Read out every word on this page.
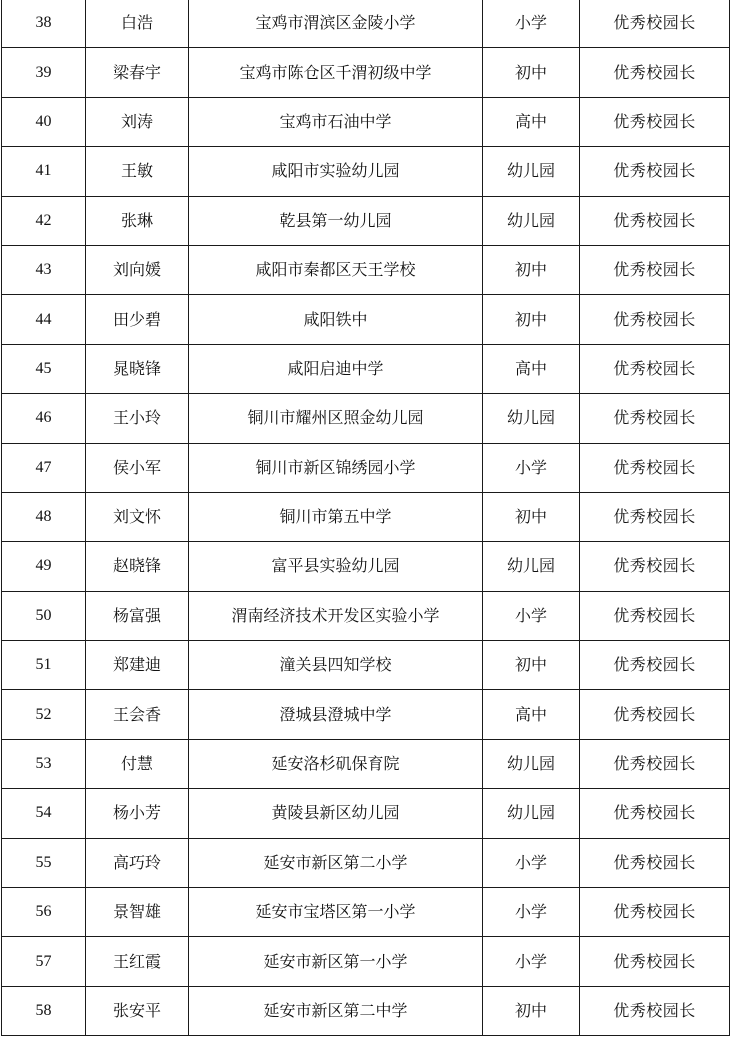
38	白浩	宝鸡市渭滨区金陵小学	小学	优秀校园长
39	梁春宇	宝鸡市陈仓区千渭初级中学	初中	优秀校园长
40	刘涛	宝鸡市石油中学	高中	优秀校园长
41	王敏	咸阳市实验幼儿园	幼儿园	优秀校园长
42	张琳	乾县第一幼儿园	幼儿园	优秀校园长
43	刘向媛	咸阳市秦都区天王学校	初中	优秀校园长
44	田少碧	咸阳铁中	初中	优秀校园长
45	晁晓锋	咸阳启迪中学	高中	优秀校园长
46	王小玲	铜川市耀州区照金幼儿园	幼儿园	优秀校园长
47	侯小军	铜川市新区锦绣园小学	小学	优秀校园长
48	刘文怀	铜川市第五中学	初中	优秀校园长
49	赵晓锋	富平县实验幼儿园	幼儿园	优秀校园长
50	杨富强	渭南经济技术开发区实验小学	小学	优秀校园长
51	郑建迪	潼关县四知学校	初中	优秀校园长
52	王会香	澄城县澄城中学	高中	优秀校园长
53	付慧	延安洛杉矶保育院	幼儿园	优秀校园长
54	杨小芳	黄陵县新区幼儿园	幼儿园	优秀校园长
55	高巧玲	延安市新区第二小学	小学	优秀校园长
56	景智雄	延安市宝塔区第一小学	小学	优秀校园长
57	王红霞	延安市新区第一小学	小学	优秀校园长
58	张安平	延安市新区第二中学	初中	优秀校园长
